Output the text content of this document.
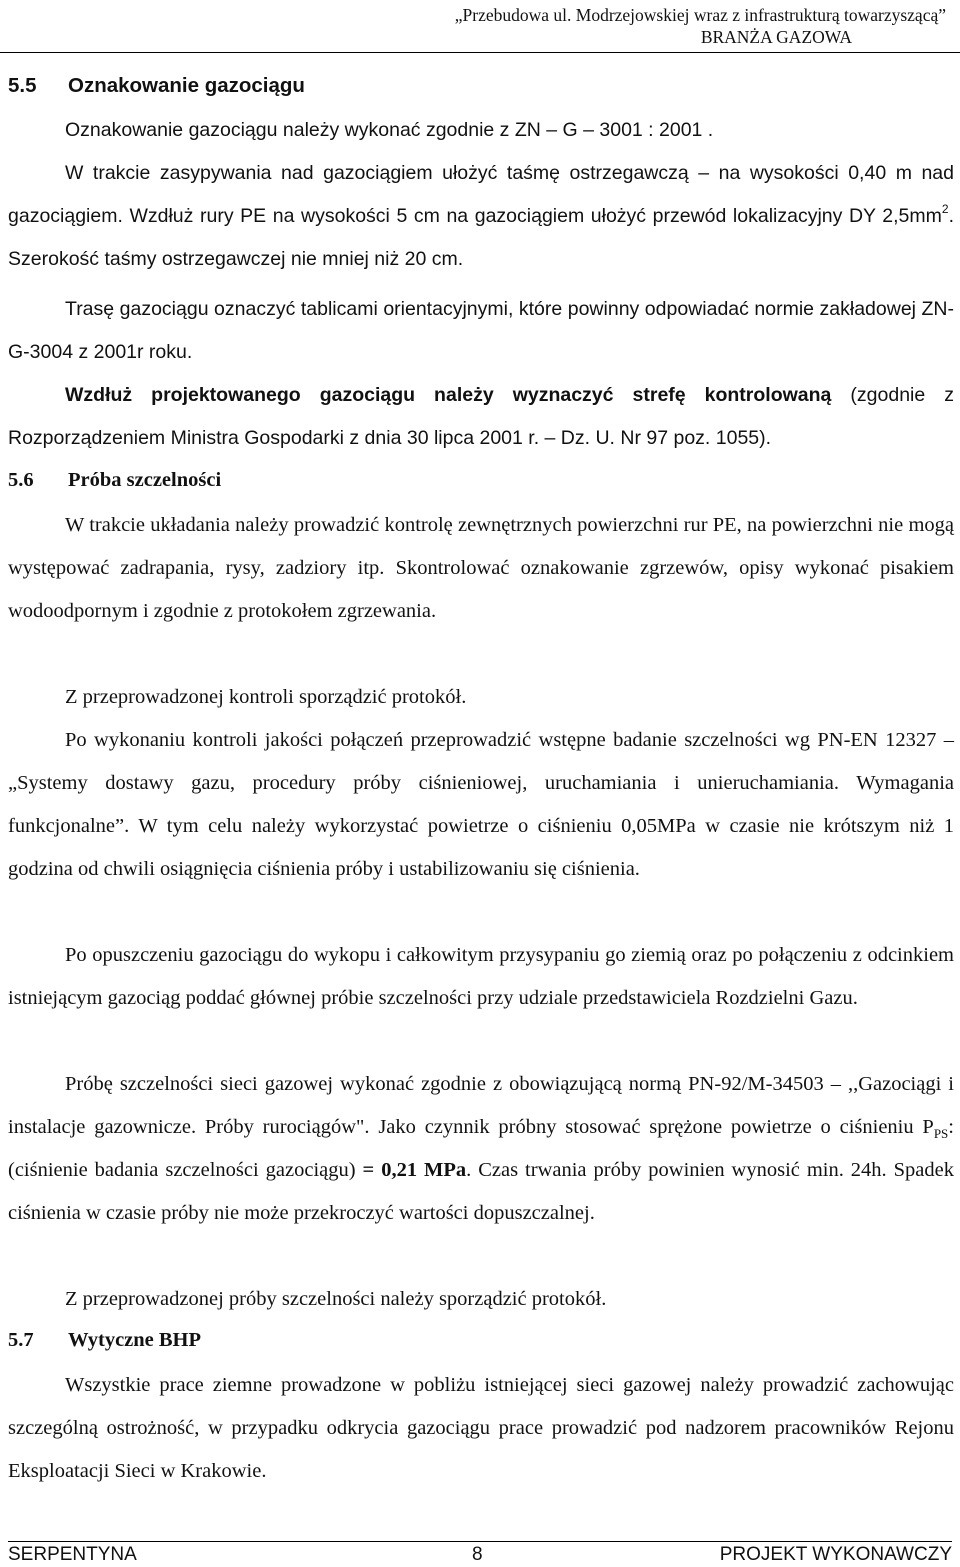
„Przebudowa ul. Modrzejowskiej wraz z infrastrukturą towarzyszącą”
BRANŻA GAZOWA
5.5 Oznakowanie gazociągu
Oznakowanie gazociągu należy wykonać zgodnie z ZN – G – 3001 : 2001 .
W trakcie zasypywania nad gazociągiem ułożyć taśmę ostrzegawczą – na wysokości 0,40 m nad gazociągiem. Wzdłuż rury PE na wysokości 5 cm na gazociągiem ułożyć przewód lokalizacyjny DY $2,5mm^2$. Szerokość taśmy ostrzegawczej nie mniej niż 20 cm.
Trasę gazociągu oznaczyć tablicami orientacyjnymi, które powinny odpowiadać normie zakładowej ZN-G-3004 z 2001r roku.
Wzdłuż projektowanego gazociągu należy wyznaczyć strefę kontrolowaną (zgodnie z Rozporządzeniem Ministra Gospodarki z dnia 30 lipca 2001 r. – Dz. U. Nr 97 poz. 1055).
5.6 Próba szczelności
W trakcie układania należy prowadzić kontrolę zewnętrznych powierzchni rur PE, na powierzchni nie mogą występować zadrapania, rysy, zadziory itp. Skontrolować oznakowanie zgrzewów, opisy wykonać pisakiem wodoodpornym i zgodnie z protokołem zgrzewania.
Z przeprowadzonej kontroli sporządzić protokół.
Po wykonaniu kontroli jakości połączeń przeprowadzić wstępne badanie szczelności wg PN-EN 12327 – „Systemy dostawy gazu, procedury próby ciśnieniowej, uruchamiania i unieruchamiania. Wymagania funkcjonalne”. W tym celu należy wykorzystać powietrze o ciśnieniu 0,05MPa w czasie nie krótszym niż 1 godzina od chwili osiągnięcia ciśnienia próby i ustabilizowaniu się ciśnienia.
Po opuszczeniu gazociągu do wykopu i całkowitym przysypaniu go ziemią oraz po połączeniu z odcinkiem istniejącym gazociąg poddać głównej próbie szczelności przy udziale przedstawiciela Rozdzielni Gazu.
Próbę szczelności sieci gazowej wykonać zgodnie z obowiązującą normą PN-92/M-34503 – ,,Gazociągi i instalacje gazownicze. Próby rurociągów". Jako czynnik próbny stosować sprężone powietrze o ciśnieniu $P_{PS}$: (ciśnienie badania szczelności gazociągu) = 0,21 MPa. Czas trwania próby powinien wynosić min. 24h. Spadek ciśnienia w czasie próby nie może przekroczyć wartości dopuszczalnej.
Z przeprowadzonej próby szczelności należy sporządzić protokół.
5.7 Wytyczne BHP
Wszystkie prace ziemne prowadzone w pobliżu istniejącej sieci gazowej należy prowadzić zachowując szczególną ostrożność, w przypadku odkrycia gazociągu prace prowadzić pod nadzorem pracowników Rejonu Eksploatacji Sieci w Krakowie.
SERPENTYNA	8	PROJEKT WYKONAWCZY
